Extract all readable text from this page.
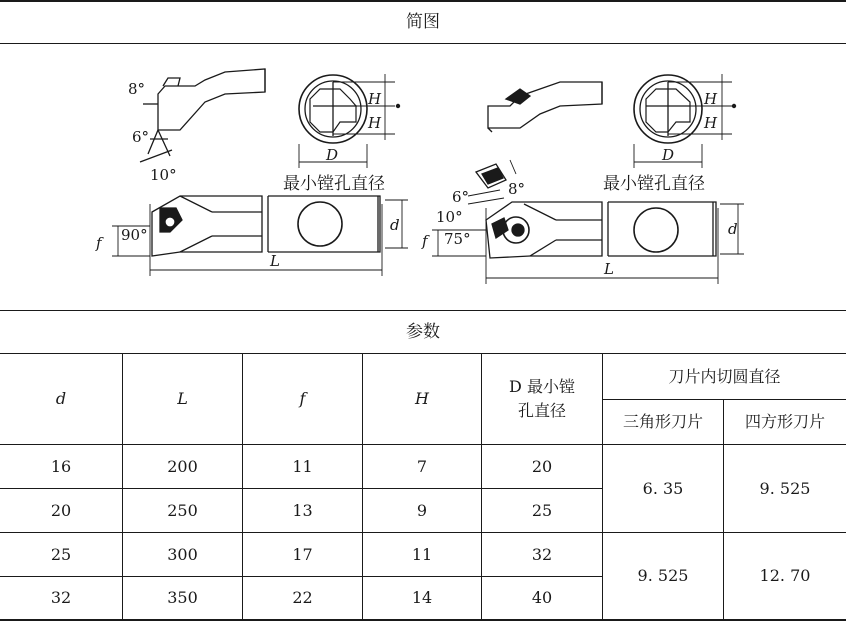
简图
参数
8°
6°
10°
H
H
D
最小镗孔直径
f 90°
L
d
H
H
D
最小镗孔直径
6°	8°
10°
f 75°
L
d
d	L	f	H
D 最小镗
孔直径
刀片内切圆直径
三角形刀片	四方形刀片
16	200	11	7	20
20	250	13	9	25
6. 35	9. 525
25	300	17	11	32
32	350	22	14	40
9. 525	12. 70
